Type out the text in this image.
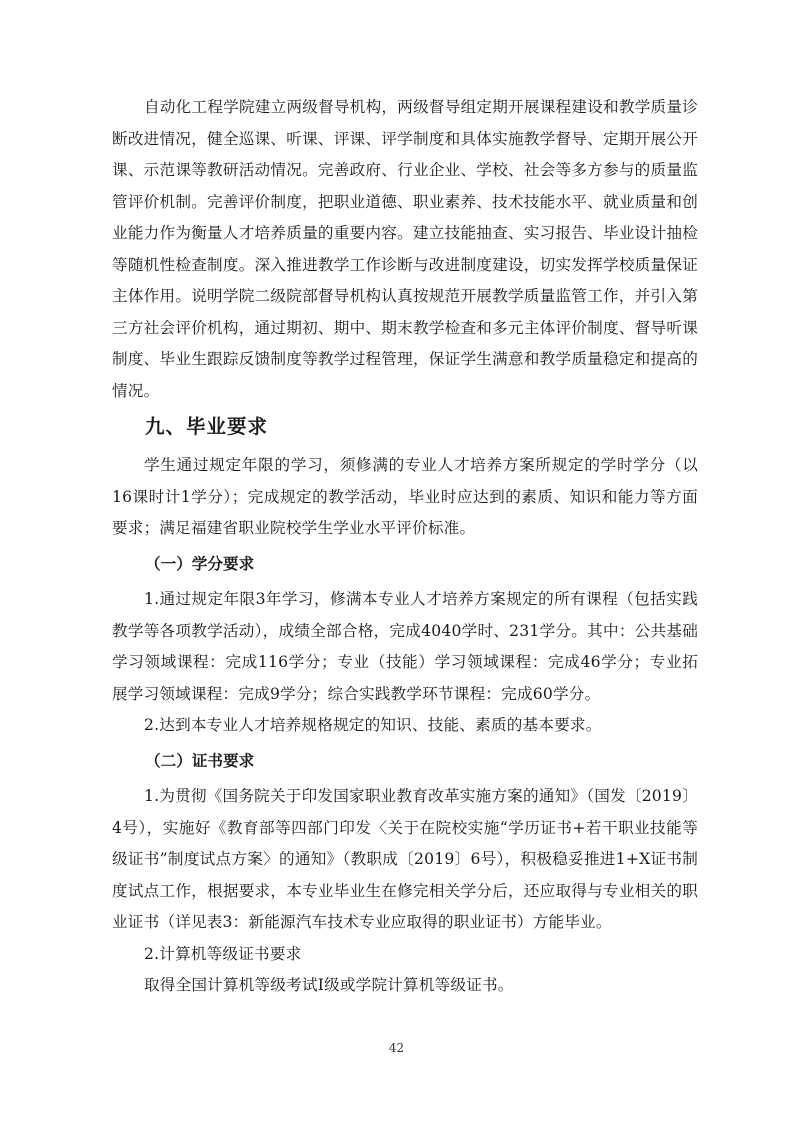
自动化工程学院建立两级督导机构，两级督导组定期开展课程建设和教学质量诊断改进情况，健全巡课、听课、评课、评学制度和具体实施教学督导、定期开展公开课、示范课等教研活动情况。完善政府、行业企业、学校、社会等多方参与的质量监管评价机制。完善评价制度，把职业道德、职业素养、技术技能水平、就业质量和创业能力作为衡量人才培养质量的重要内容。建立技能抽查、实习报告、毕业设计抽检等随机性检查制度。深入推进教学工作诊断与改进制度建设，切实发挥学校质量保证主体作用。说明学院二级院部督导机构认真按规范开展教学质量监管工作，并引入第三方社会评价机构，通过期初、期中、期末教学检查和多元主体评价制度、督导听课制度、毕业生跟踪反馈制度等教学过程管理，保证学生满意和教学质量稳定和提高的情况。

九、毕业要求

学生通过规定年限的学习，须修满的专业人才培养方案所规定的学时学分（以16课时计1学分）；完成规定的教学活动，毕业时应达到的素质、知识和能力等方面要求；满足福建省职业院校学生学业水平评价标准。

（一）学分要求

1.通过规定年限3年学习，修满本专业人才培养方案规定的所有课程（包括实践教学等各项教学活动），成绩全部合格，完成4040学时、231学分。其中：公共基础学习领域课程：完成116学分；专业（技能）学习领域课程：完成46学分；专业拓展学习领域课程：完成9学分；综合实践教学环节课程：完成60学分。

2.达到本专业人才培养规格规定的知识、技能、素质的基本要求。

（二）证书要求

1.为贯彻《国务院关于印发国家职业教育改革实施方案的通知》（国发〔2019〕4号），实施好《教育部等四部门印发〈关于在院校实施“学历证书+若干职业技能等级证书”制度试点方案〉的通知》（教职成〔2019〕6号），积极稳妥推进1+X证书制度试点工作，根据要求，本专业毕业生在修完相关学分后，还应取得与专业相关的职业证书（详见表3：新能源汽车技术专业应取得的职业证书）方能毕业。

2.计算机等级证书要求

取得全国计算机等级考试Ⅰ级或学院计算机等级证书。

42
